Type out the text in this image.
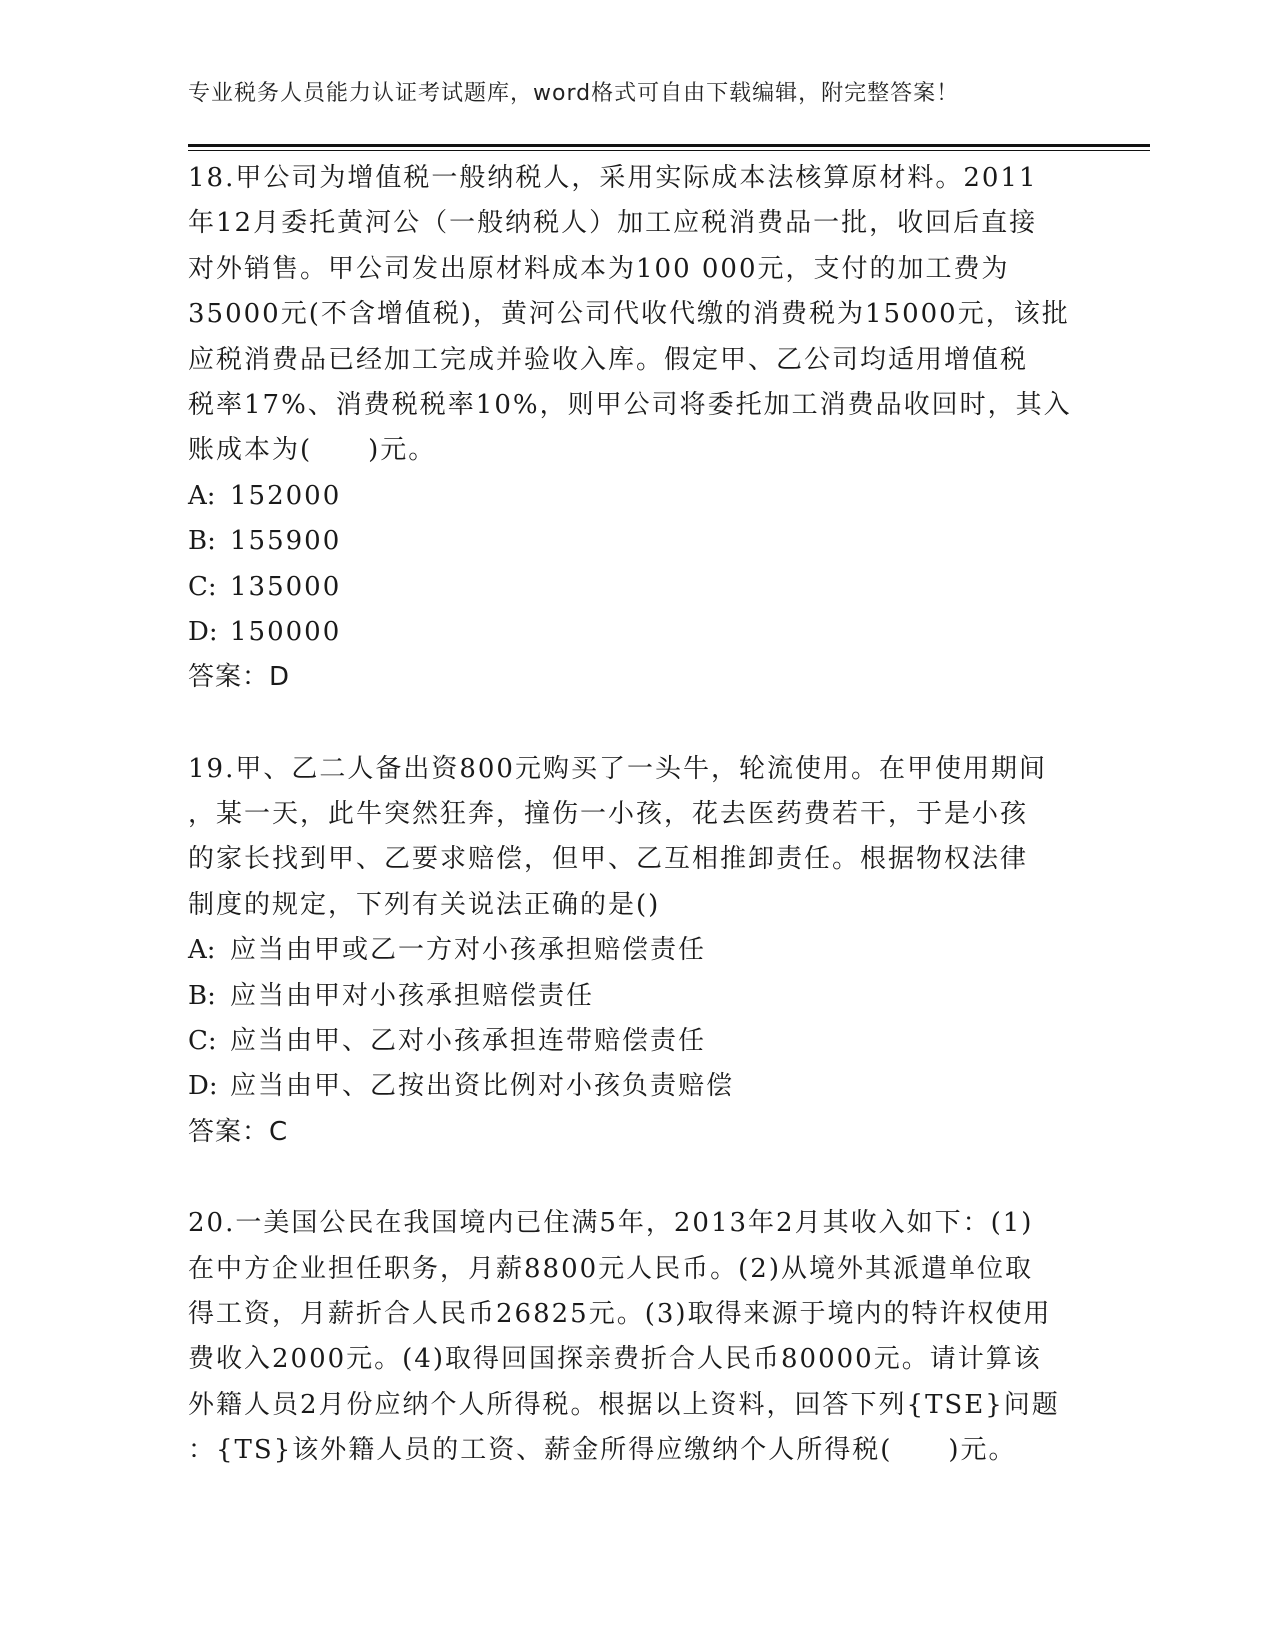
专业税务人员能力认证考试题库，word格式可自由下载编辑，附完整答案！
18.甲公司为增值税一般纳税人，采用实际成本法核算原材料。2011
年12月委托黄河公（一般纳税人）加工应税消费品一批，收回后直接
对外销售。甲公司发出原材料成本为100 000元，支付的加工费为
35000元(不含增值税)，黄河公司代收代缴的消费税为15000元，该批
应税消费品已经加工完成并验收入库。假定甲、乙公司均适用增值税
税率17%、消费税税率10%，则甲公司将委托加工消费品收回时，其入
账成本为(　　)元。
A: 152000
B: 155900
C: 135000
D: 150000
答案：D
19.甲、乙二人备出资800元购买了一头牛，轮流使用。在甲使用期间
，某一天，此牛突然狂奔，撞伤一小孩，花去医药费若干，于是小孩
的家长找到甲、乙要求赔偿，但甲、乙互相推卸责任。根据物权法律
制度的规定，下列有关说法正确的是()
A: 应当由甲或乙一方对小孩承担赔偿责任
B: 应当由甲对小孩承担赔偿责任
C: 应当由甲、乙对小孩承担连带赔偿责任
D: 应当由甲、乙按出资比例对小孩负责赔偿
答案：C
20.一美国公民在我国境内已住满5年，2013年2月其收入如下：(1)
在中方企业担任职务，月薪8800元人民币。(2)从境外其派遣单位取
得工资，月薪折合人民币26825元。(3)取得来源于境内的特许权使用
费收入2000元。(4)取得回国探亲费折合人民币80000元。请计算该
外籍人员2月份应纳个人所得税。根据以上资料，回答下列{TSE}问题
：{TS}该外籍人员的工资、薪金所得应缴纳个人所得税(　　)元。
